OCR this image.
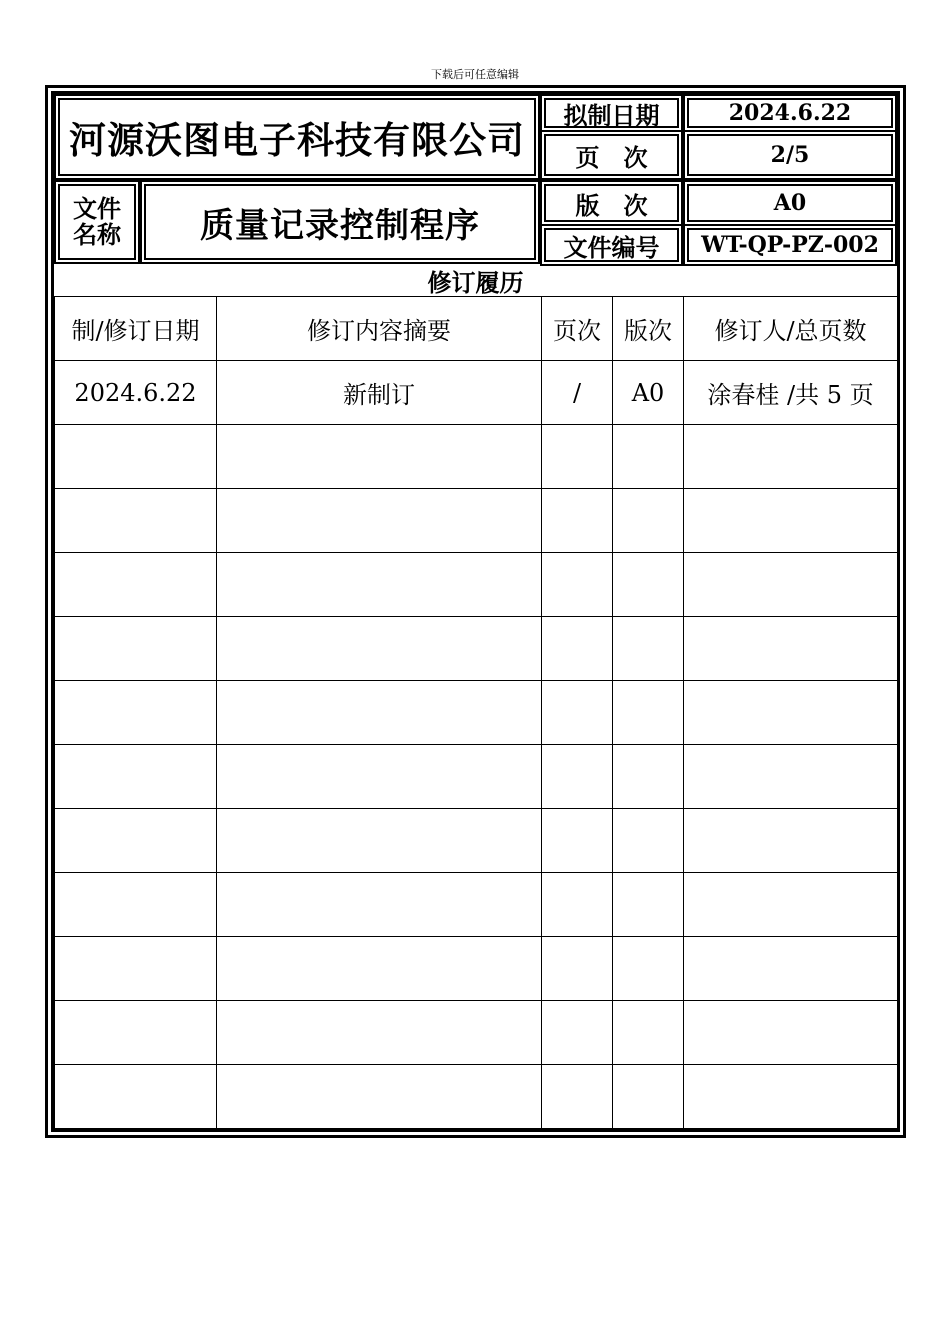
下载后可任意编辑
河源沃图电子科技有限公司
拟制日期	2024.6.22
页　次	2/5
文件
名称 质量记录控制程序
版　次	A0
文件编号 WT-QP-PZ-002
修订履历
制/修订日期	修订内容摘要	页次	版次	修订人/总页数
2024.6.22	新制订	/	A0	涂春桂 /共 5 页
